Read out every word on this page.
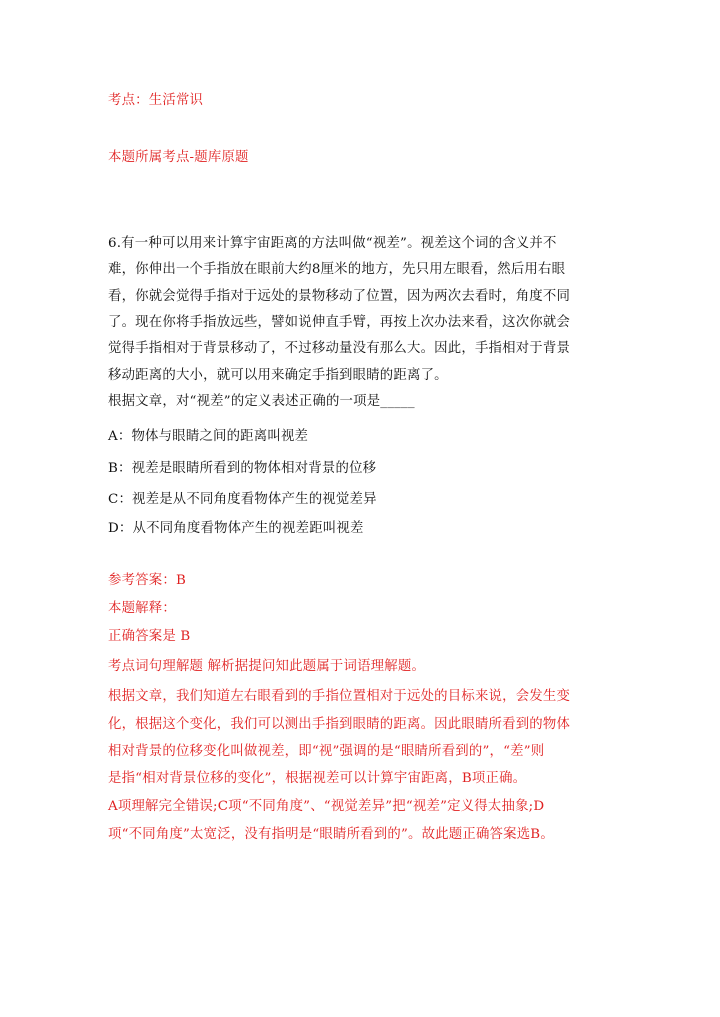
考点：生活常识
本题所属考点-题库原题
6.有一种可以用来计算宇宙距离的方法叫做“视差”。视差这个词的含义并不
难，你伸出一个手指放在眼前大约8厘米的地方，先只用左眼看，然后用右眼
看，你就会觉得手指对于远处的景物移动了位置，因为两次去看时，角度不同
了。现在你将手指放远些，譬如说伸直手臂，再按上次办法来看，这次你就会
觉得手指相对于背景移动了，不过移动量没有那么大。因此，手指相对于背景
移动距离的大小，就可以用来确定手指到眼睛的距离了。
根据文章，对“视差”的定义表述正确的一项是_____
A：物体与眼睛之间的距离叫视差
B：视差是眼睛所看到的物体相对背景的位移
C：视差是从不同角度看物体产生的视觉差异
D：从不同角度看物体产生的视差距叫视差
参考答案：B
本题解释：
正确答案是 B
考点词句理解题 解析据提问知此题属于词语理解题。
根据文章，我们知道左右眼看到的手指位置相对于远处的目标来说，会发生变
化，根据这个变化，我们可以测出手指到眼睛的距离。因此眼睛所看到的物体
相对背景的位移变化叫做视差，即“视”强调的是“眼睛所看到的”，“差”则
是指“相对背景位移的变化”，根据视差可以计算宇宙距离，B项正确。
A项理解完全错误;C项“不同角度”、“视觉差异”把“视差”定义得太抽象;D
项“不同角度”太宽泛，没有指明是“眼睛所看到的”。故此题正确答案选B。
